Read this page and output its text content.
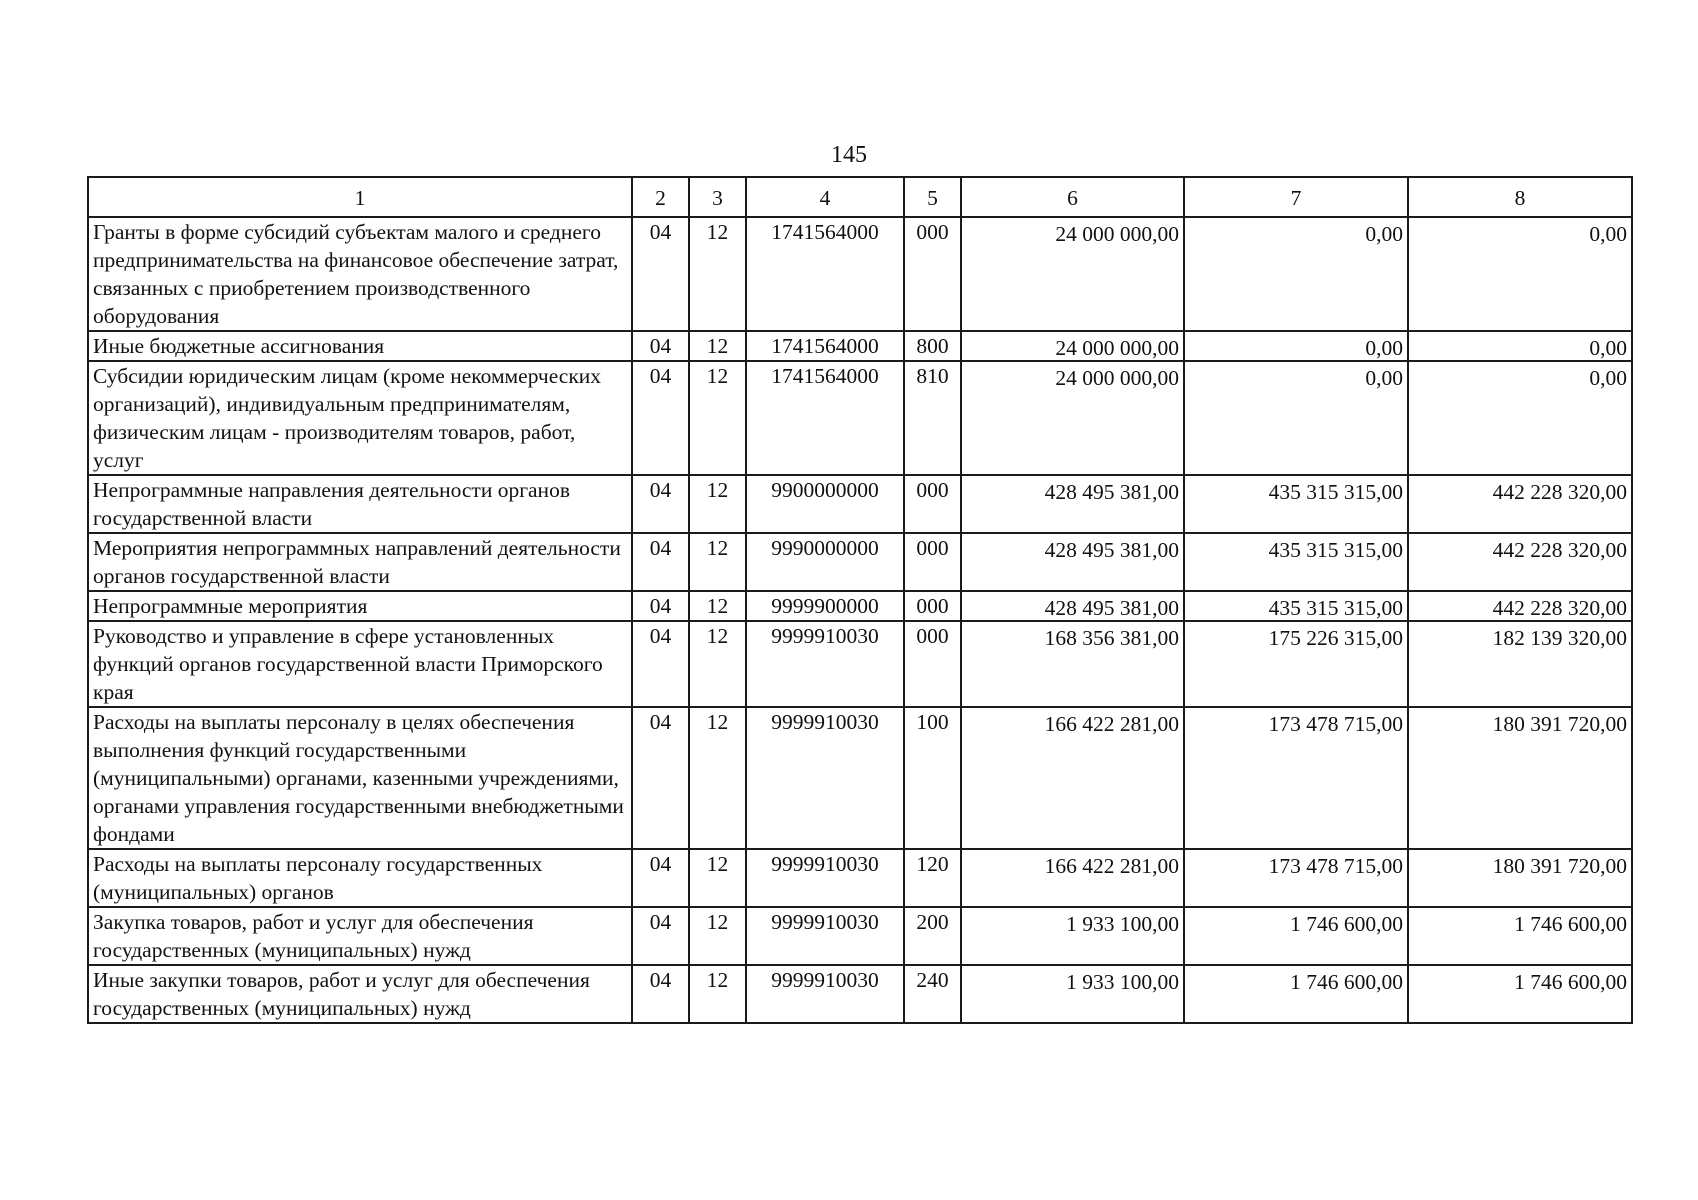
145
1	2	3	4	5	6	7	8
Гранты в форме субсидий субъектам малого и среднего предпринимательства на финансовое обеспечение затрат, связанных с приобретением производственного оборудования	04	12	1741564000	000	24 000 000,00	0,00	0,00
Иные бюджетные ассигнования	04	12	1741564000	800	24 000 000,00	0,00	0,00
Субсидии юридическим лицам (кроме некоммерческих организаций), индивидуальным предпринимателям, физическим лицам - производителям товаров, работ, услуг	04	12	1741564000	810	24 000 000,00	0,00	0,00
Непрограммные направления деятельности органов государственной власти	04	12	9900000000	000	428 495 381,00	435 315 315,00	442 228 320,00
Мероприятия непрограммных направлений деятельности органов государственной власти	04	12	9990000000	000	428 495 381,00	435 315 315,00	442 228 320,00
Непрограммные мероприятия	04	12	9999900000	000	428 495 381,00	435 315 315,00	442 228 320,00
Руководство и управление в сфере установленных функций органов государственной власти Приморского края	04	12	9999910030	000	168 356 381,00	175 226 315,00	182 139 320,00
Расходы на выплаты персоналу в целях обеспечения выполнения функций государственными (муниципальными) органами, казенными учреждениями, органами управления государственными внебюджетными фондами	04	12	9999910030	100	166 422 281,00	173 478 715,00	180 391 720,00
Расходы на выплаты персоналу государственных (муниципальных) органов	04	12	9999910030	120	166 422 281,00	173 478 715,00	180 391 720,00
Закупка товаров, работ и услуг для обеспечения государственных (муниципальных) нужд	04	12	9999910030	200	1 933 100,00	1 746 600,00	1 746 600,00
Иные закупки товаров, работ и услуг для обеспечения государственных (муниципальных) нужд	04	12	9999910030	240	1 933 100,00	1 746 600,00	1 746 600,00
